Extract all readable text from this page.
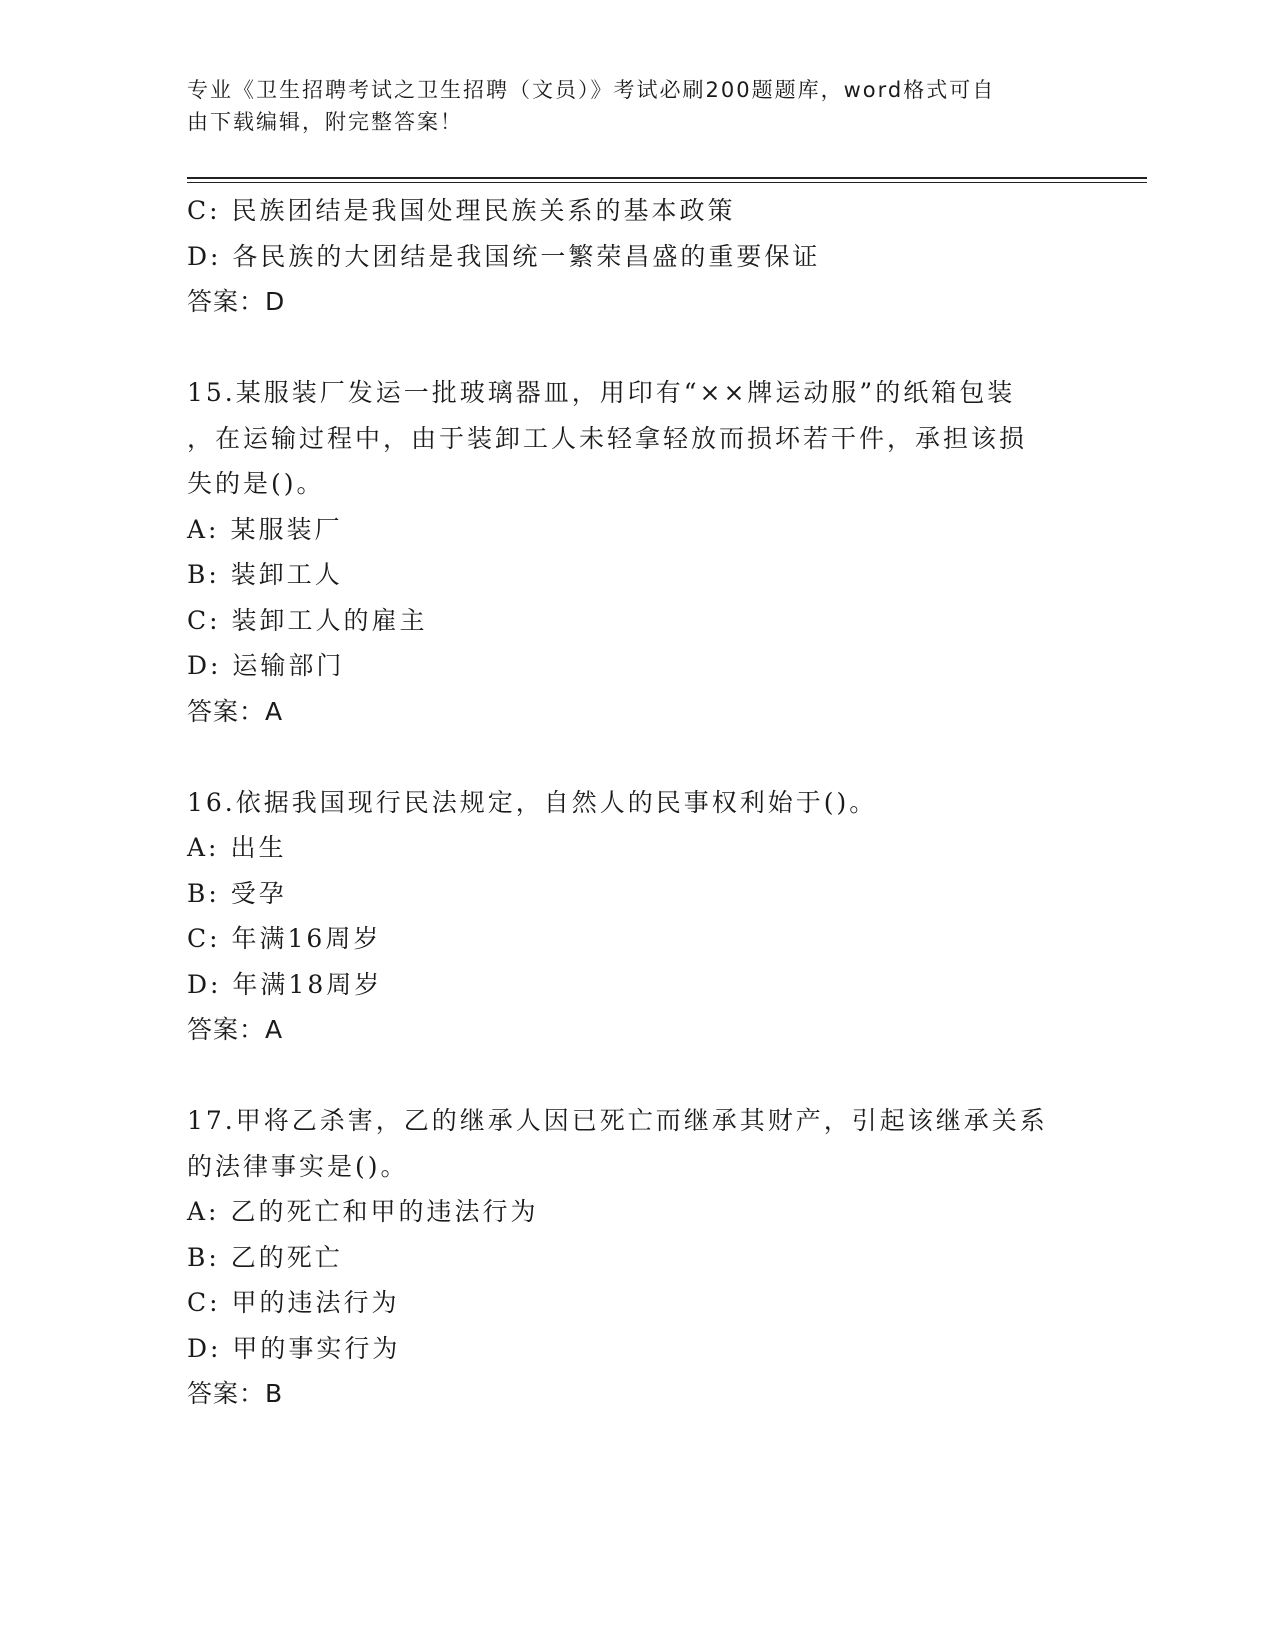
专业《卫生招聘考试之卫生招聘（文员）》考试必刷200题题库，word格式可自
由下载编辑，附完整答案！
C: 民族团结是我国处理民族关系的基本政策
D: 各民族的大团结是我国统一繁荣昌盛的重要保证
答案：D
15.某服装厂发运一批玻璃器皿，用印有“××牌运动服”的纸箱包装
，在运输过程中，由于装卸工人未轻拿轻放而损坏若干件，承担该损
失的是()。
A: 某服装厂
B: 装卸工人
C: 装卸工人的雇主
D: 运输部门
答案：A
16.依据我国现行民法规定，自然人的民事权利始于()。
A: 出生
B: 受孕
C: 年满16周岁
D: 年满18周岁
答案：A
17.甲将乙杀害，乙的继承人因已死亡而继承其财产，引起该继承关系
的法律事实是()。
A: 乙的死亡和甲的违法行为
B: 乙的死亡
C: 甲的违法行为
D: 甲的事实行为
答案：B
